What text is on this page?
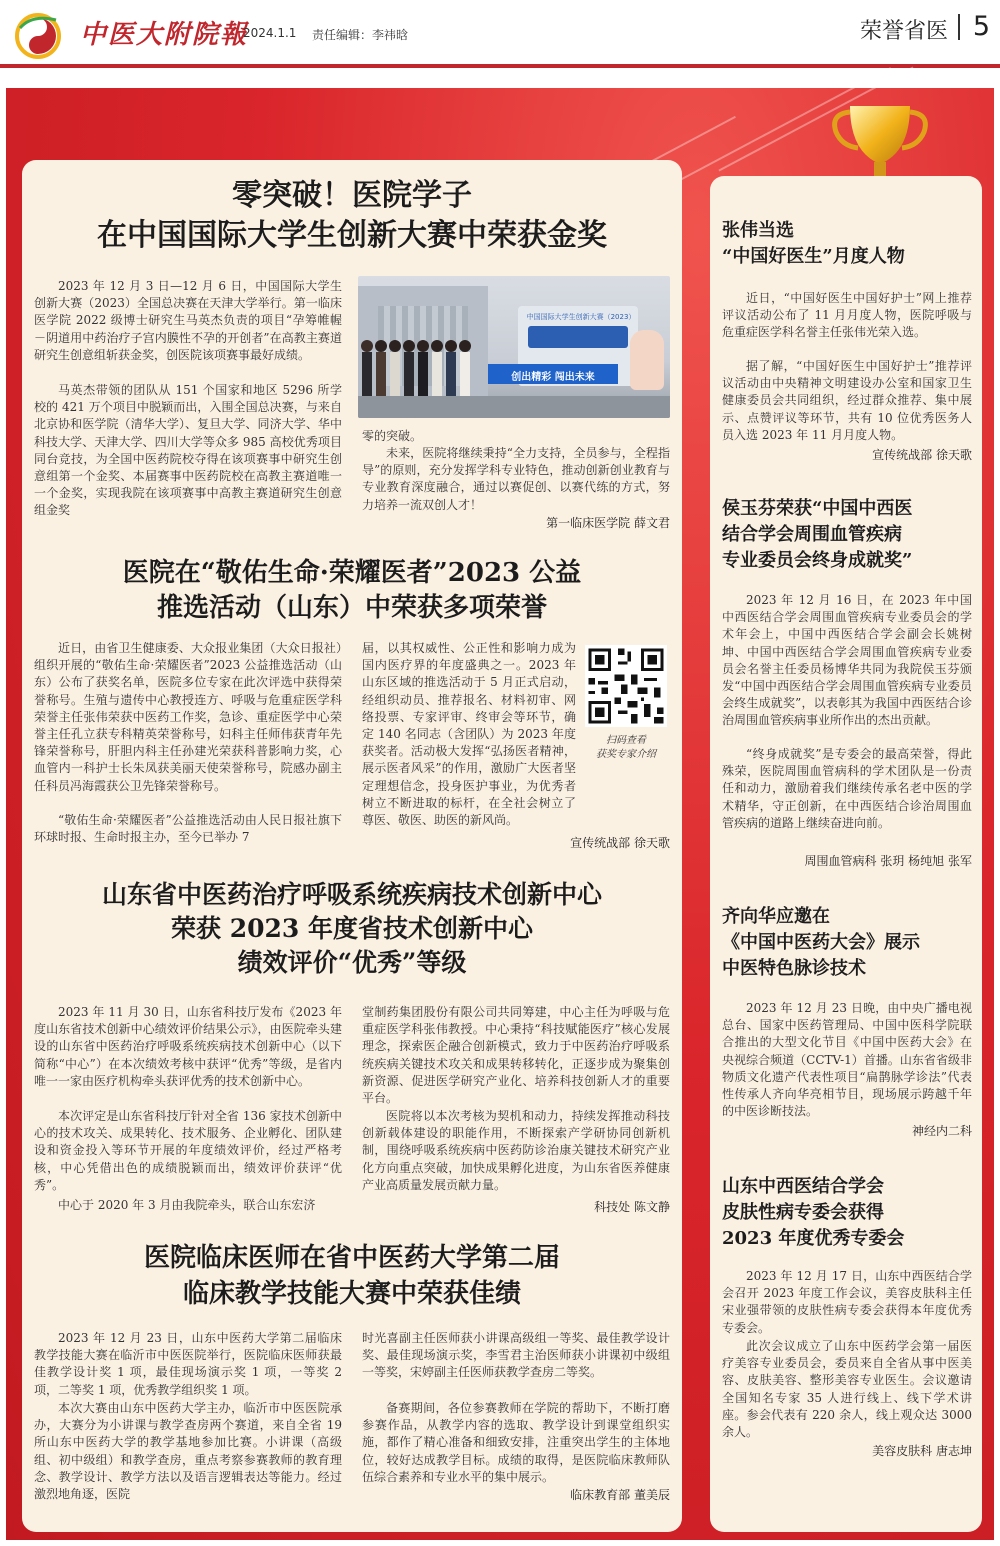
中医大附院報
2024.1.1 责任编辑：李祎晗	荣誉省医 5
零突破！医院学子
在中国国际大学生创新大赛中荣获金奖
2023 年 12 月 3 日—12 月 6 日，中国国际大学生创新大赛（2023）全国总决赛在天津大学举行。第一临床医学院 2022 级博士研究生马英杰负责的项目“孕筹帷幄－阴道用中药治疗子宫内膜性不孕的开创者”在高教主赛道研究生创意组斩获金奖，创医院该项赛事最好成绩。
马英杰带领的团队从 151 个国家和地区 5296 所学校的 421 万个项目中脱颖而出，入围全国总决赛，与来自北京协和医学院（清华大学）、复旦大学、同济大学、华中科技大学、天津大学、四川大学等众多 985 高校优秀项目同台竞技，为全国中医药院校夺得在该项赛事中研究生创意组第一个金奖、本届赛事中医药院校在高教主赛道唯一一个金奖，实现我院在该项赛事中高教主赛道研究生创意组金奖
中国国际大学生创新大赛（2023）
创出精彩 闯出未来
零的突破。
未来，医院将继续秉持“全力支持，全员参与，全程指导”的原则，充分发挥学科专业特色，推动创新创业教育与专业教育深度融合，通过以赛促创、以赛代练的方式，努力培养一流双创人才！
第一临床医学院 薛文君
医院在“敬佑生命·荣耀医者”2023 公益
推选活动（山东）中荣获多项荣誉
近日，由省卫生健康委、大众报业集团（大众日报社）组织开展的“敬佑生命·荣耀医者”2023 公益推选活动（山东）公布了获奖名单，医院多位专家在此次评选中获得荣誉称号。生殖与遗传中心教授连方、呼吸与危重症医学科荣誉主任张伟荣获中医药工作奖，急诊、重症医学中心荣誉主任孔立获专科精英荣誉称号，妇科主任师伟获青年先锋荣誉称号，肝胆内科主任孙建光荣获科普影响力奖，心血管内一科护士长朱凤获美丽天使荣誉称号，院感办副主任科员冯海霞获公卫先锋荣誉称号。
“敬佑生命·荣耀医者”公益推选活动由人民日报社旗下环球时报、生命时报主办，至今已举办 7
届，以其权威性、公正性和影响力成为国内医疗界的年度盛典之一。2023 年山东区域的推选活动于 5 月正式启动，经组织动员、推荐报名、材料初审、网络投票、专家评审、终审会等环节，确定 140 名同志（含团队）为 2023 年度获奖者。活动极大发挥“弘扬医者精神，展示医者风采”的作用，激励广大医者坚定理想信念，投身医护事业，为优秀者树立不断进取的标杆，在全社会树立了尊医、敬医、助医的新风尚。
扫码查看
获奖专家介绍
宣传统战部 徐天歌
山东省中医药治疗呼吸系统疾病技术创新中心
荣获 2023 年度省技术创新中心
绩效评价“优秀”等级
2023 年 11 月 30 日，山东省科技厅发布《2023 年度山东省技术创新中心绩效评价结果公示》，由医院牵头建设的山东省中医药治疗呼吸系统疾病技术创新中心（以下简称“中心”）在本次绩效考核中获评“优秀”等级，是省内唯一一家由医疗机构牵头获评优秀的技术创新中心。
本次评定是山东省科技厅针对全省 136 家技术创新中心的技术攻关、成果转化、技术服务、企业孵化、团队建设和资金投入等环节开展的年度绩效评价，经过严格考核，中心凭借出色的成绩脱颖而出，绩效评价获评“优秀”。
中心于 2020 年 3 月由我院牵头，联合山东宏济
堂制药集团股份有限公司共同筹建，中心主任为呼吸与危重症医学科张伟教授。中心秉持“科技赋能医疗”核心发展理念，探索医企融合创新模式，致力于中医药治疗呼吸系统疾病关键技术攻关和成果转移转化，正逐步成为聚集创新资源、促进医学研究产业化、培养科技创新人才的重要平台。
医院将以本次考核为契机和动力，持续发挥推动科技创新载体建设的职能作用，不断探索产学研协同创新机制，围绕呼吸系统疾病中医药防诊治康关键技术研究产业化方向重点突破，加快成果孵化进度，为山东省医养健康产业高质量发展贡献力量。
科技处 陈文静
医院临床医师在省中医药大学第二届
临床教学技能大赛中荣获佳绩
2023 年 12 月 23 日，山东中医药大学第二届临床教学技能大赛在临沂市中医医院举行，医院临床医师获最佳教学设计奖 1 项，最佳现场演示奖 1 项，一等奖 2 项，二等奖 1 项，优秀教学组织奖 1 项。
本次大赛由山东中医药大学主办，临沂市中医医院承办，大赛分为小讲课与教学查房两个赛道，来自全省 19 所山东中医药大学的教学基地参加比赛。小讲课（高级组、初中级组）和教学查房，重点考察参赛教师的教育理念、教学设计、教学方法以及语言逻辑表达等能力。经过激烈地角逐，医院
时光喜副主任医师获小讲课高级组一等奖、最佳教学设计奖、最佳现场演示奖，李雪君主治医师获小讲课初中级组一等奖，宋婷副主任医师获教学查房二等奖。
备赛期间，各位参赛教师在学院的帮助下，不断打磨参赛作品，从教学内容的选取、教学设计到课堂组织实施，都作了精心准备和细致安排，注重突出学生的主体地位，较好达成教学目标。成绩的取得，是医院临床教师队伍综合素养和专业水平的集中展示。
临床教育部 董美辰
张伟当选
“中国好医生”月度人物
近日，“中国好医生中国好护士”网上推荐评议活动公布了 11 月月度人物，医院呼吸与危重症医学科名誉主任张伟光荣入选。
据了解，“中国好医生中国好护士”推荐评议活动由中央精神文明建设办公室和国家卫生健康委员会共同组织，经过群众推荐、集中展示、点赞评议等环节，共有 10 位优秀医务人员入选 2023 年 11 月月度人物。
宣传统战部 徐天歌
侯玉芬荣获“中国中西医
结合学会周围血管疾病
专业委员会终身成就奖”
2023 年 12 月 16 日，在 2023 年中国中西医结合学会周围血管疾病专业委员会的学术年会上，中国中西医结合学会副会长姚树坤、中国中西医结合学会周围血管疾病专业委员会名誉主任委员杨博华共同为我院侯玉芬颁发“中国中西医结合学会周围血管疾病专业委员会终生成就奖”，以表彰其为我国中西医结合诊治周围血管疾病事业所作出的杰出贡献。
“终身成就奖”是专委会的最高荣誉，得此殊荣，医院周围血管病科的学术团队是一份责任和动力，激励着我们继续传承名老中医的学术精华，守正创新，在中西医结合诊治周围血管疾病的道路上继续奋进向前。
周围血管病科 张玥 杨纯旭 张军
齐向华应邀在
《中国中医药大会》展示
中医特色脉诊技术
2023 年 12 月 23 日晚，由中央广播电视总台、国家中医药管理局、中国中医科学院联合推出的大型文化节目《中国中医药大会》在央视综合频道（CCTV-1）首播。山东省省级非物质文化遗产代表性项目“扁鹊脉学诊法”代表性传承人齐向华亮相节目，现场展示跨越千年的中医诊断技法。
神经内二科
山东中西医结合学会
皮肤性病专委会获得
2023 年度优秀专委会
2023 年 12 月 17 日，山东中西医结合学会召开 2023 年度工作会议，美容皮肤科主任宋业强带领的皮肤性病专委会获得本年度优秀专委会。
此次会议成立了山东中医药学会第一届医疗美容专业委员会，委员来自全省从事中医美容、皮肤美容、整形美容专业医生。会议邀请全国知名专家 35 人进行线上、线下学术讲座。参会代表有 220 余人，线上观众达 3000 余人。
美容皮肤科 唐志坤
